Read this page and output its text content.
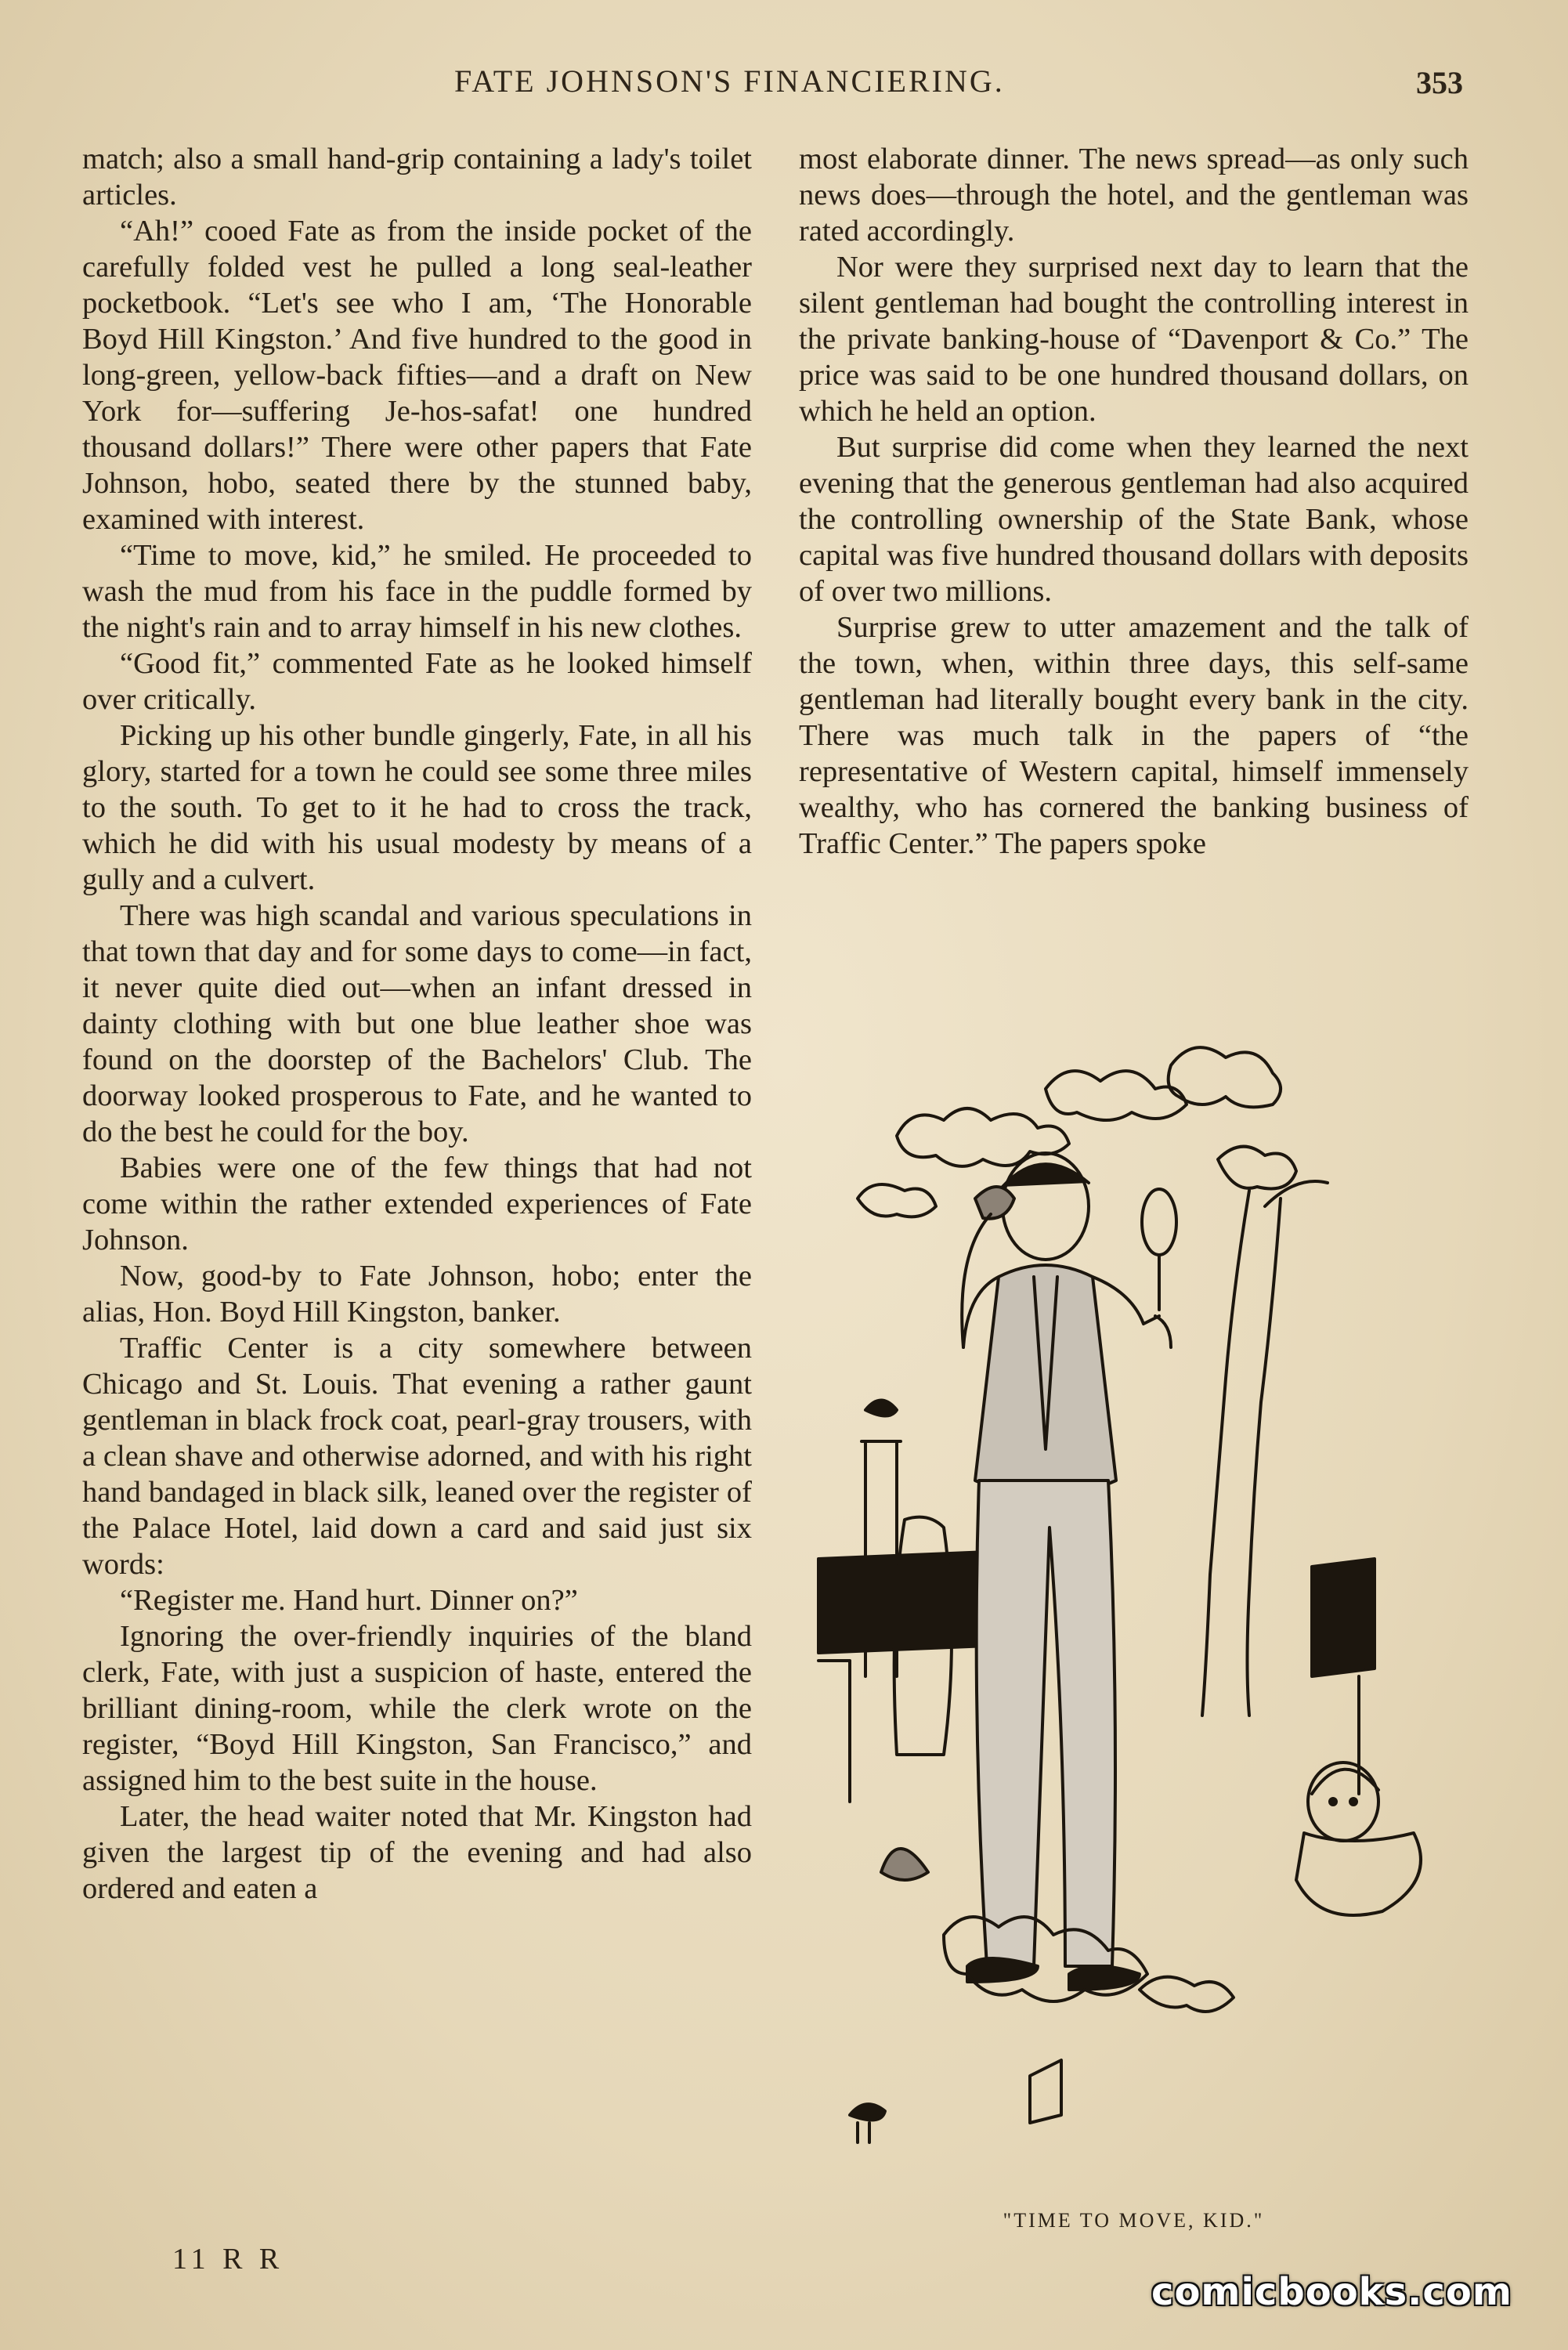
FATE JOHNSON'S FINANCIERING.	353

match; also a small hand-grip containing a lady's toilet articles.

“Ah!” cooed Fate as from the inside pocket of the carefully folded vest he pulled a long seal-leather pocketbook. “Let's see who I am, ‘The Honorable Boyd Hill Kingston.’ And five hundred to the good in long-green, yellow-back fifties—and a draft on New York for—suffering Je-hos-safat! one hundred thousand dollars!” There were other papers that Fate Johnson, hobo, seated there by the stunned baby, examined with interest.

“Time to move, kid,” he smiled. He proceeded to wash the mud from his face in the puddle formed by the night's rain and to array himself in his new clothes.

“Good fit,” commented Fate as he looked himself over critically.

Picking up his other bundle gingerly, Fate, in all his glory, started for a town he could see some three miles to the south. To get to it he had to cross the track, which he did with his usual modesty by means of a gully and a culvert.

There was high scandal and various speculations in that town that day and for some days to come—in fact, it never quite died out—when an infant dressed in dainty clothing with but one blue leather shoe was found on the doorstep of the Bachelors' Club. The doorway looked prosperous to Fate, and he wanted to do the best he could for the boy.

Babies were one of the few things that had not come within the rather extended experiences of Fate Johnson.

Now, good-by to Fate Johnson, hobo; enter the alias, Hon. Boyd Hill Kingston, banker.

Traffic Center is a city somewhere between Chicago and St. Louis. That evening a rather gaunt gentleman in black frock coat, pearl-gray trousers, with a clean shave and otherwise adorned, and with his right hand bandaged in black silk, leaned over the register of the Palace Hotel, laid down a card and said just six words:

“Register me. Hand hurt. Dinner on?”

Ignoring the over-friendly inquiries of the bland clerk, Fate, with just a suspicion of haste, entered the brilliant dining-room, while the clerk wrote on the register, “Boyd Hill Kingston, San Francisco,” and assigned him to the best suite in the house.

Later, the head waiter noted that Mr. Kingston had given the largest tip of the evening and had also ordered and eaten a

most elaborate dinner. The news spread—as only such news does—through the hotel, and the gentleman was rated accordingly.

Nor were they surprised next day to learn that the silent gentleman had bought the controlling interest in the private banking-house of “Davenport & Co.” The price was said to be one hundred thousand dollars, on which he held an option.

But surprise did come when they learned the next evening that the generous gentleman had also acquired the controlling ownership of the State Bank, whose capital was five hundred thousand dollars with deposits of over two millions.

Surprise grew to utter amazement and the talk of the town, when, within three days, this self-same gentleman had literally bought every bank in the city. There was much talk in the papers of “the representative of Western capital, himself immensely wealthy, who has cornered the banking business of Traffic Center.” The papers spoke

"TIME TO MOVE, KID."
11 R R
comicbooks.com
